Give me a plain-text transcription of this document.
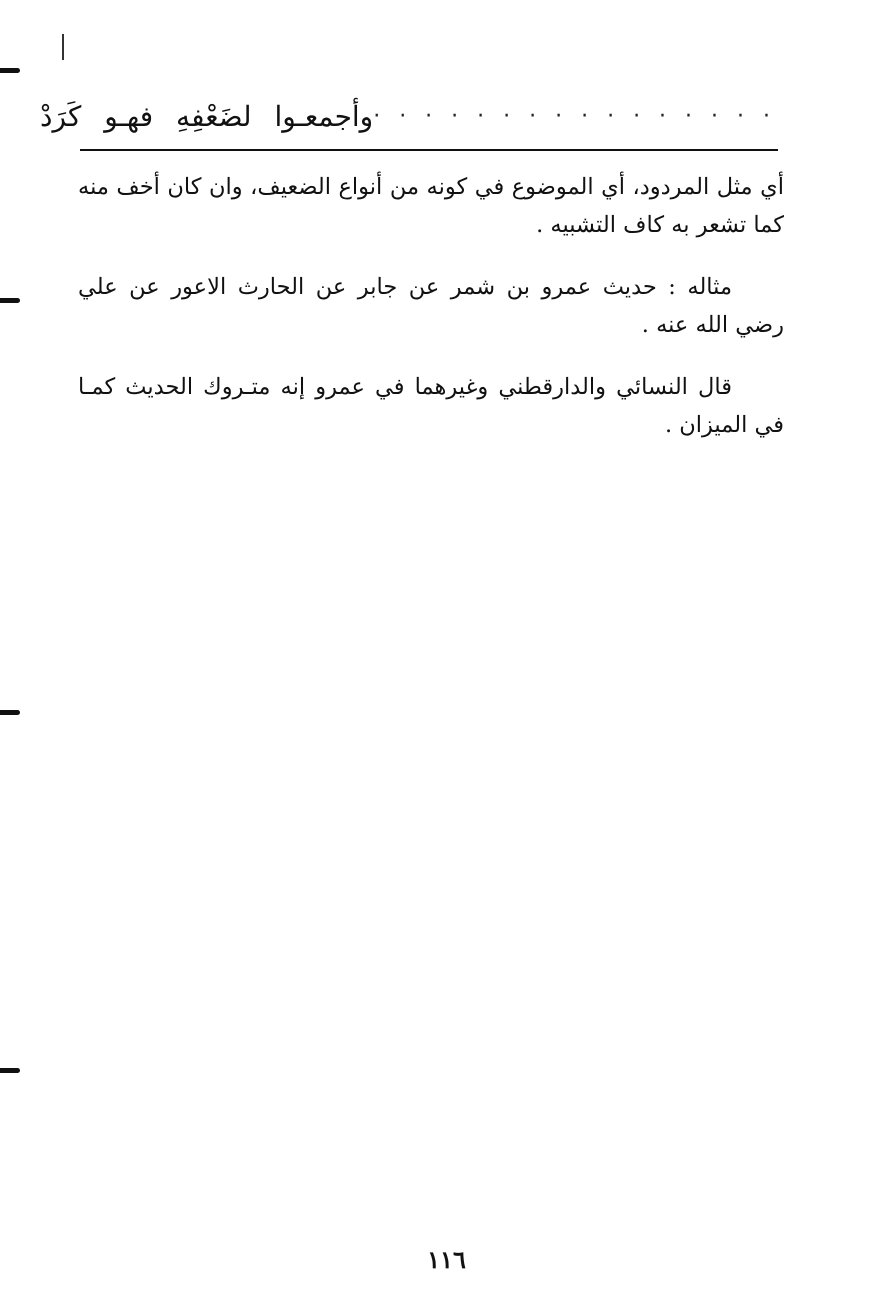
· · · · · · · · · · · · · · · ·
وأجمعـوا لضَعْفِهِ فهـو كَرَدْ

أي مثل المردود، أي الموضوع في كونه من أنواع الضعيف، وان كان أخف منه كما تشعر به كاف التشبيه .

مثاله : حديث عمرو بن شمر عن جابر عن الحارث الاعور عن علي رضي الله عنه .

قال النسائي والدارقطني وغيرهما في عمرو إنه متـروك الحديث كمـا في الميزان .

١١٦
